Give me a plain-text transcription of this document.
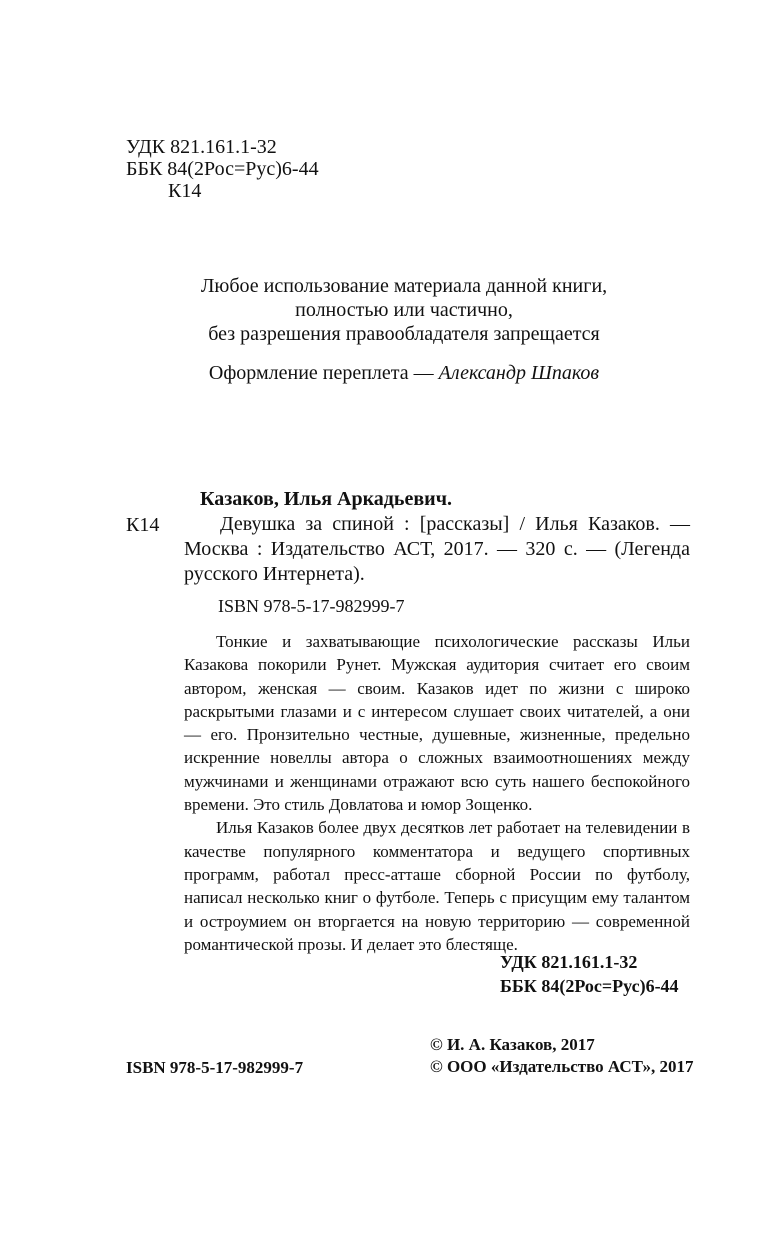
УДК 821.161.1-32
ББК 84(2Рос=Рус)6-44
К14
Любое использование материала данной книги,
полностью или частично,
без разрешения правообладателя запрещается
Оформление переплета — Александр Шпаков
Казаков, Илья Аркадьевич.
К14	Девушка за спиной : [рассказы] / Илья Казаков. — Москва : Издательство АСТ, 2017. — 320 с. — (Легенда русского Интернета).
ISBN 978-5-17-982999-7

Тонкие и захватывающие психологические рассказы Ильи Казакова покорили Рунет. Мужская аудитория считает его своим автором, женская — своим. Казаков идет по жизни с широко раскрытыми глазами и с интересом слушает своих читателей, а они — его. Пронзительно честные, душевные, жизненные, предельно искренние новеллы автора о сложных взаимоотношениях между мужчинами и женщинами отражают всю суть нашего беспокойного времени. Это стиль Довлатова и юмор Зощенко.

Илья Казаков более двух десятков лет работает на телевидении в качестве популярного комментатора и ведущего спортивных программ, работал пресс-атташе сборной России по футболу, написал несколько книг о футболе. Теперь с присущим ему талантом и остроумием он вторгается на новую территорию — современной романтической прозы. И делает это блестяще.

УДК 821.161.1-32
ББК 84(2Рос=Рус)6-44
ISBN 978-5-17-982999-7
© И. А. Казаков, 2017
© ООО «Издательство АСТ», 2017
